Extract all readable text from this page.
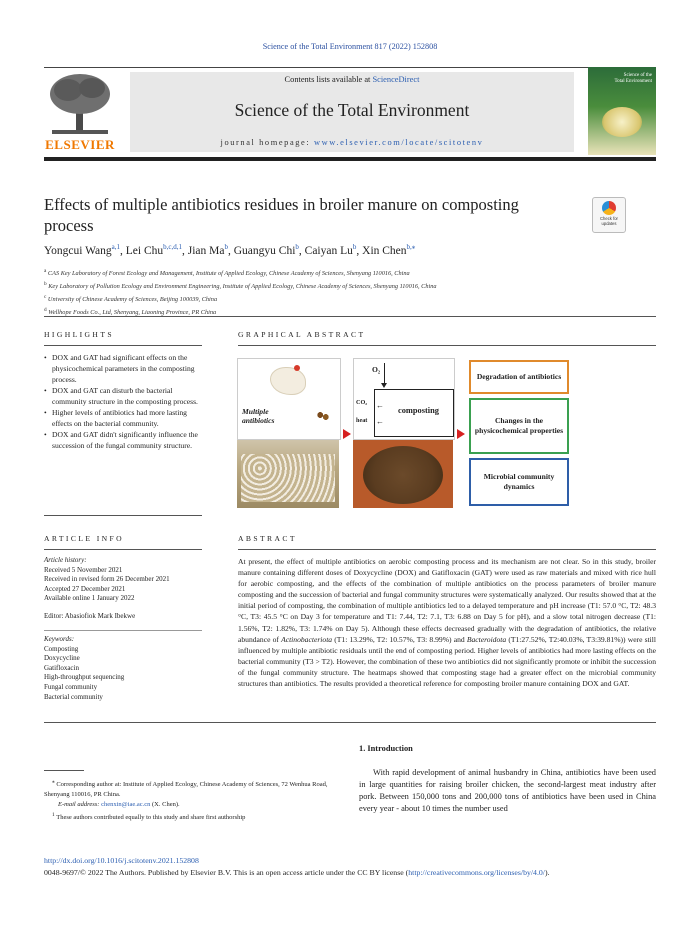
Science of the Total Environment 817 (2022) 152808
ELSEVIER
Contents lists available at ScienceDirect
Science of the Total Environment
journal homepage: www.elsevier.com/locate/scitotenv
Science of the
Total Environment
Effects of multiple antibiotics residues in broiler manure on composting process	Check for
updates
Yongcui Wang$^{a,1}$, Lei Chu$^{b,c,d,1}$, Jian Ma$^b$, Guangyu Chi$^b$, Caiyan Lu$^b$, Xin Chen$^{b,⁎}$
$^a$ CAS Key Laboratory of Forest Ecology and Management, Institute of Applied Ecology, Chinese Academy of Sciences, Shenyang 110016, China
$^b$ Key Laboratory of Pollution Ecology and Environment Engineering, Institute of Applied Ecology, Chinese Academy of Sciences, Shenyang 110016, China
$^c$ University of Chinese Academy of Sciences, Beijing 100039, China
$^d$ Wellhope Foods Co., Ltd, Shenyang, Liaoning Province, PR China
HIGHLIGHTS
• DOX and GAT had significant effects on the physicochemical parameters in the composting process.
• DOX and GAT can disturb the bacterial community structure in the composting process.
• Higher levels of antibiotics had more lasting effects on the bacterial community.
• DOX and GAT didn't significantly influence the succession of the fungal community structure.
GRAPHICAL ABSTRACT
Multiple antibiotics
O₂
composting
CO₂
heat
←
←
Degradation of antibiotics
Changes in the physicochemical properties
Microbial community dynamics
ARTICLE INFO
Article history:
Received 5 November 2021
Received in revised form 26 December 2021
Accepted 27 December 2021
Available online 1 January 2022
Editor: Abasiofiok Mark Ibekwe
Keywords:
Composting
Doxycycline
Gatifloxacin
High-throughput sequencing
Fungal community
Bacterial community
ABSTRACT
At present, the effect of multiple antibiotics on aerobic composting process and its mechanism are not clear. So in this study, broiler manure containing different doses of Doxycycline (DOX) and Gatifloxacin (GAT) were used as raw materials and mixed with rice hull for aerobic composting, and the effects of the combination of multiple antibiotics on the process parameters of broiler manure composting and the succession of bacterial and fungal community structures were systematically analyzed. Our results showed that at the initial period of composting, the combination of multiple antibiotics led to a delayed temperature and pH increase (T1: 57.0 °C, T2: 48.3 °C, T3: 45.5 °C on Day 3 for temperature and T1: 7.44, T2: 7.1, T3: 6.88 on Day 5 for pH), and a slow total nitrogen decrease (T1: 1.56%, T2: 1.82%, T3: 1.74% on Day 5). Although these effects decreased gradually with the degradation of antibiotics, the relative abundance of Actinobacteriota (T1: 13.29%, T2: 10.57%, T3: 8.99%) and Bacteroidota (T1:27.52%, T2:40.03%, T3:39.81%)) were still influenced by multiple antibiotic residuals until the end of composting period. Higher levels of antibiotics had more lasting effects on the bacterial community (T3 > T2). However, the combination of these two antibiotics did not significantly promote or inhibit the succession of the fungal community structure. The heatmaps showed that composting stage had a greater effect on the microbial community structures than antibiotics. The results provided a theoretical reference for composting broiler manure containing DOX and GAT.
1. Introduction
With rapid development of animal husbandry in China, antibiotics have been used in large quantities for raising broiler chicken, the second-largest meat industry after pork. Between 150,000 tons and 200,000 tons of antibiotics have been used in China every year - about 10 times the number used
⁎ Corresponding author at: Institute of Applied Ecology, Chinese Academy of Sciences, 72 Wenhua Road, Shenyang 110016, PR China.
E-mail address: chenxin@iae.ac.cn (X. Chen).
$^1$ These authors contributed equally to this study and share first authorship
http://dx.doi.org/10.1016/j.scitotenv.2021.152808
0048-9697/© 2022 The Authors. Published by Elsevier B.V. This is an open access article under the CC BY license (http://creativecommons.org/licenses/by/4.0/).
